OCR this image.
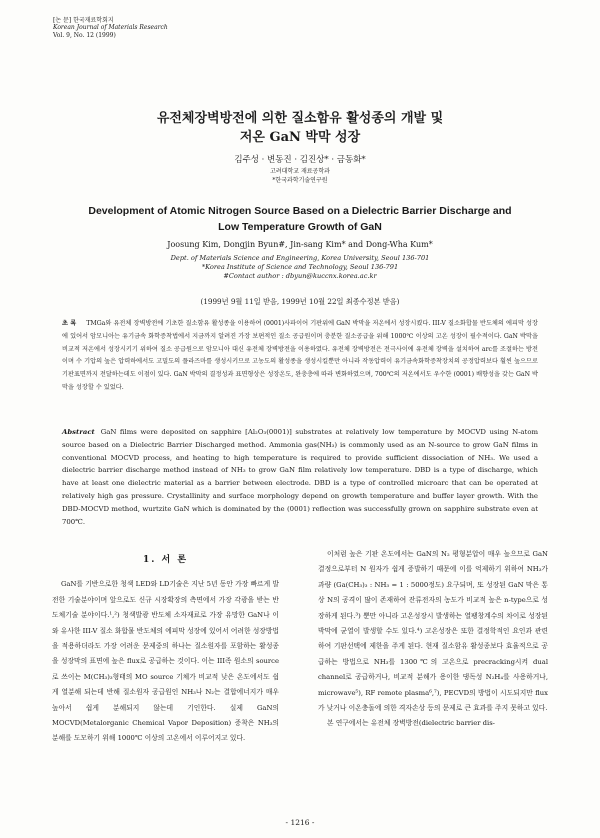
[논 문] 한국재료학회지
Korean Journal of Materials Research
Vol. 9, No. 12 (1999)
유전체장벽방전에 의한 질소함유 활성종의 개발 및
저온 GaN 박막 성장
김주성 · 변동진 · 김진상* · 금동화*
고려대학교 재료공학과
*한국과학기술연구원
Development of Atomic Nitrogen Source Based on a Dielectric Barrier Discharge and
Low Temperature Growth of GaN
Joosung Kim, Dongjin Byun#, Jin-sang Kim* and Dong-Wha Kum*
Dept. of Materials Science and Engineering, Korea University, Seoul 136-701
*Korea Institute of Science and Technology, Seoul 136-791
#Contact author : dbyun@kuccnx.korea.ac.kr
(1999년 9월 11일 받음, 1999년 10월 22일 최종수정본 받음)
초 록 TMGa와 유전체 장벽방전에 기초한 질소함유 활성종을 이용하여 (0001)사파이어 기판위에 GaN 박막을 저온에서 성장시켰다. III-V 질소화합물 반도체의 에피막 성장에 있어서 암모니아는 유기금속 화학증착법에서 지금까지 알려진 가장 보편적인 질소 공급원이며 충분한 질소공급을 위해 1000℃ 이상의 고온 성장이 필수적이다. GaN 박막을 비교적 저온에서 성장시키기 위하여 질소 공급원으로 암모니아 대신 유전체 장벽방전을 이용하였다. 유전체 장벽방전은 전극사이에 유전체 장벽을 설치하여 arc를 조절하는 방전이며 수 기압의 높은 압력하에서도 고밀도의 플라즈마를 생성시키므로 고농도의 활성종을 생성시킬뿐만 아니라 작동압력이 유기금속화학증착장치의 공정압력보다 훨씬 높으므로 기판표면까지 전달하는데도 이점이 있다. GaN 박막의 결정성과 표면형상은 성장온도, 완충층에 따라 변화하였으며, 700℃의 저온에서도 우수한 (0001) 배향성을 갖는 GaN 박막을 성장할 수 있었다.
Abstract GaN films were deposited on sapphire [Al₂O₃(0001)] substrates at relatively low temperature by MOCVD using N-atom source based on a Dielectric Barrier Discharged method. Ammonia gas(NH₃) is commonly used as an N-source to grow GaN films in conventional MOCVD process, and heating to high temperature is required to provide sufficient dissociation of NH₃. We used a dielectric barrier discharge method instead of NH₃ to grow GaN film relatively low temperature. DBD is a type of discharge, which have at least one dielectric material as a barrier between electrode. DBD is a type of controlled microarc that can be operated at relatively high gas pressure. Crystallinity and surface morphology depend on growth temperature and buffer layer growth. With the DBD-MOCVD method, wurtzite GaN which is dominated by the (0001) reflection was successfully grown on sapphire substrate even at 700℃.
1. 서 론

GaN를 기반으로한 청색 LED와 LD기술은 지난 5년 동안 가장 빠르게 발전한 기술분야이며 앞으로도 신규 시장확장의 측면에서 가장 각광을 받는 반도체기술 분야이다.¹,²) 청색발광 반도체 소자재료로 가장 유망한 GaN나 이와 유사한 III-V 질소 화합물 반도체의 에피막 성장에 있어서 어려한 성장방법을 적용하더라도 가장 어려운 문제중의 하나는 질소원자를 포함하는 활성종을 성장막의 표면에 높은 flux로 공급하는 것이다. 이는 III족 원소의 source로 쓰이는 M(CH₃)₃형태의 MO source 기체가 비교적 낮은 온도에서도 쉽게 열분해 되는데 반해 질소원자 공급원인 NH₃나 N₂는 결합에너지가 매우 높아서 쉽게 분해되지 않는데 기인한다. 실제 GaN의 MOCVD(Metalorganic Chemical Vapor Deposition) 증착은 NH₃의 분해를 도모하기 위해 1000℃ 이상의 고온에서 이루어지고 있다.

이처럼 높은 기판 온도에서는 GaN의 N₂ 평형분압이 매우 높으므로 GaN 결정으로부터 N 원자가 쉽게 증발하기 때문에 이를 억제하기 위하여 NH₃가 과량 (Ga(CH₃)₃ : NH₃ = 1 : 5000정도) 요구되며, 또 성장된 GaN 막은 통상 N의 공격이 많이 존재하여 잔류전자의 농도가 비교적 높은 n-type으로 성장하게 된다.³) 뿐만 아니라 고온성장시 발생하는 열팽창계수의 차이로 성장된 박막에 균열이 발생할 수도 있다.⁴) 고온성장은 또한 결정학적인 요인과 관련하여 기판선택에 제한을 주게 된다. 현재 질소함유 활성종보다 효율적으로 공급하는 방법으로 NH₃를 1300℃의 고온으로 precracking시켜 dual channel로 공급하거나, 비교적 분해가 용이한 댕독성 N₂H₄를 사용하거나, microwave⁵), RF remote plasma⁶,⁷), PECVD의 방법이 시도되지만 flux가 낮거나 이온충돌에 의한 격자손상 등의 문제로 큰 효과를 주지 못하고 있다.

본 연구에서는 유전체 장벽방전(dielectric barrier dis-

- 1216 -
